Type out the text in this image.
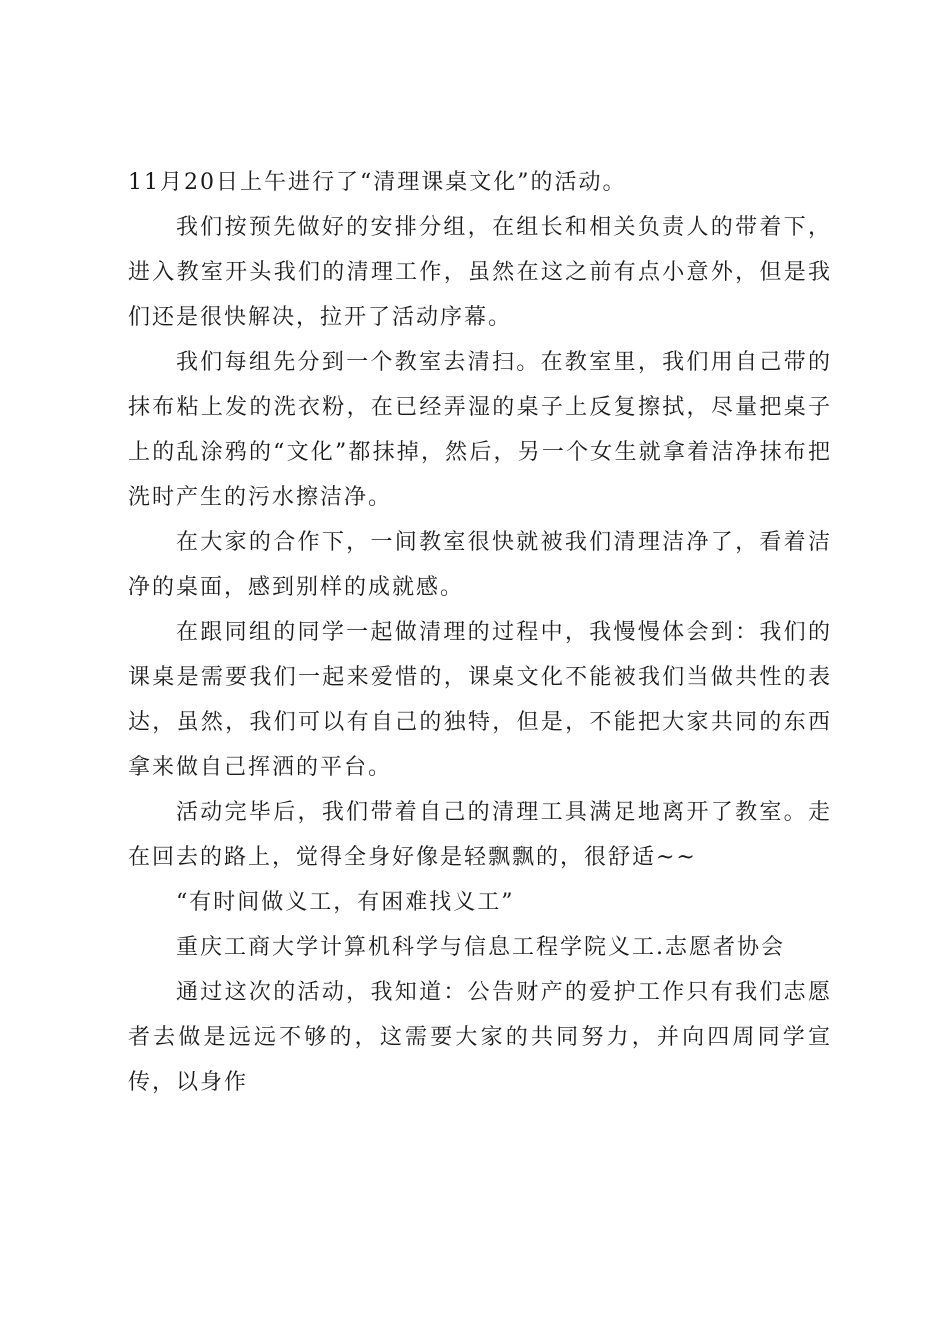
11月20日上午进行了“清理课桌文化”的活动。

我们按预先做好的安排分组，在组长和相关负责人的带着下，进入教室开头我们的清理工作，虽然在这之前有点小意外，但是我们还是很快解决，拉开了活动序幕。

我们每组先分到一个教室去清扫。在教室里，我们用自己带的抹布粘上发的洗衣粉，在已经弄湿的桌子上反复擦拭，尽量把桌子上的乱涂鸦的“文化”都抹掉，然后，另一个女生就拿着洁净抹布把洗时产生的污水擦洁净。

在大家的合作下，一间教室很快就被我们清理洁净了，看着洁净的桌面，感到别样的成就感。

在跟同组的同学一起做清理的过程中，我慢慢体会到：我们的课桌是需要我们一起来爱惜的，课桌文化不能被我们当做共性的表达，虽然，我们可以有自己的独特，但是，不能把大家共同的东西拿来做自己挥洒的平台。

活动完毕后，我们带着自己的清理工具满足地离开了教室。走在回去的路上，觉得全身好像是轻飘飘的，很舒适~~

“有时间做义工，有困难找义工”

重庆工商大学计算机科学与信息工程学院义工.志愿者协会

通过这次的活动，我知道：公告财产的爱护工作只有我们志愿者去做是远远不够的，这需要大家的共同努力，并向四周同学宣传，以身作
